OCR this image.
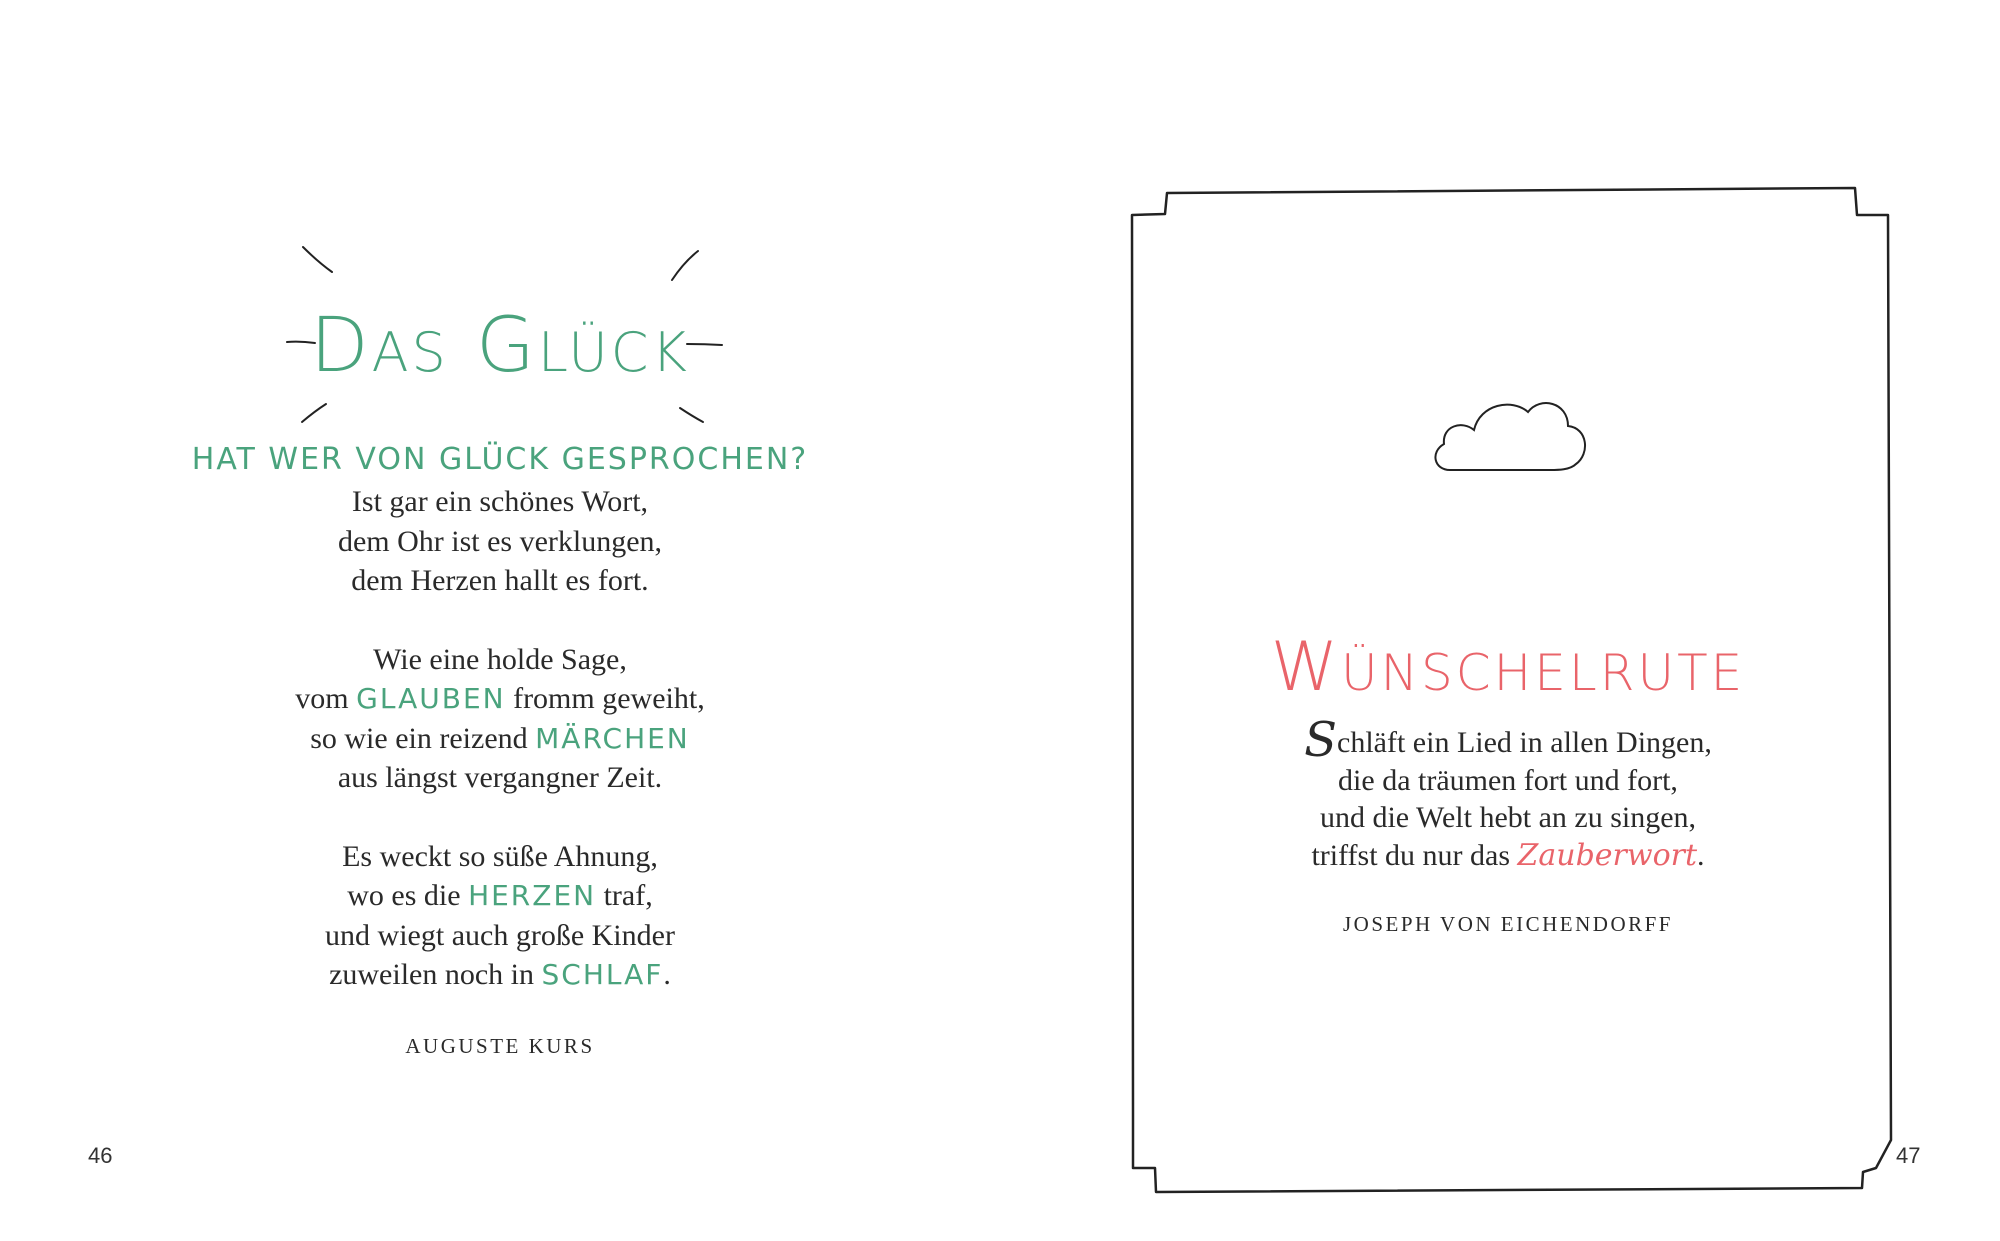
DAS GLÜCK
HAT WER VON GLÜCK GESPROCHEN?
Ist gar ein schönes Wort,
dem Ohr ist es verklungen,
dem Herzen hallt es fort.
Wie eine holde Sage,
vom GLAUBEN fromm geweiht,
so wie ein reizend MÄRCHEN
aus längst vergangner Zeit.
Es weckt so süße Ahnung,
wo es die HERZEN traf,
und wiegt auch große Kinder
zuweilen noch in SCHLAF.
AUGUSTE KURS
46
WÜNSCHELRUTE
Schläft ein Lied in allen Dingen,
die da träumen fort und fort,
und die Welt hebt an zu singen,
triffst du nur das Zauberwort.
JOSEPH VON EICHENDORFF
47
